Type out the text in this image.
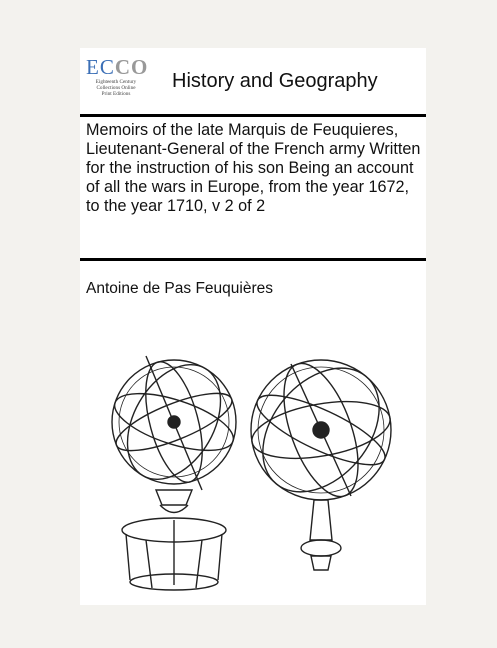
ECCO
Eighteenth Century
Collections Online
Print Editions
History and Geography
Memoirs of the late Marquis de Feuquieres, Lieutenant-General of the French army Written for the instruction of his son Being an account of all the wars in Europe, from the year 1672, to the year 1710, v 2 of 2
Antoine de Pas Feuquières
